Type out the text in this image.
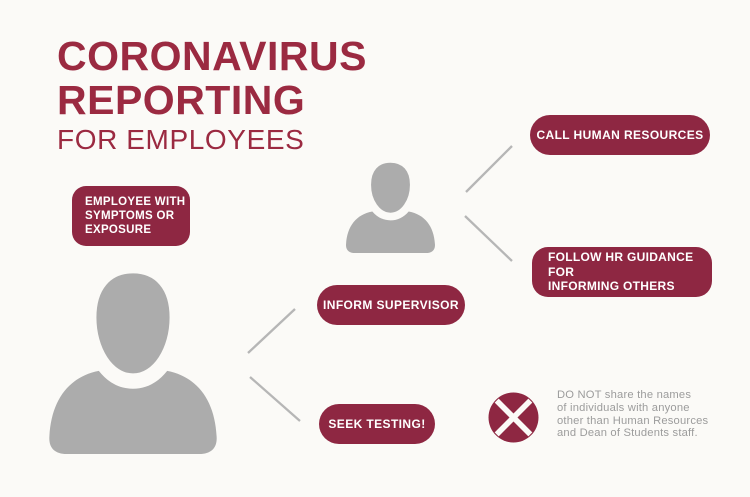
CORONAVIRUS
REPORTING
FOR EMPLOYEES
EMPLOYEE WITH
SYMPTOMS OR
EXPOSURE
INFORM SUPERVISOR
SEEK TESTING!
CALL HUMAN RESOURCES
FOLLOW HR GUIDANCE FOR
INFORMING OTHERS
DO NOT share the names
of individuals with anyone
other than Human Resources
and Dean of Students staff.
